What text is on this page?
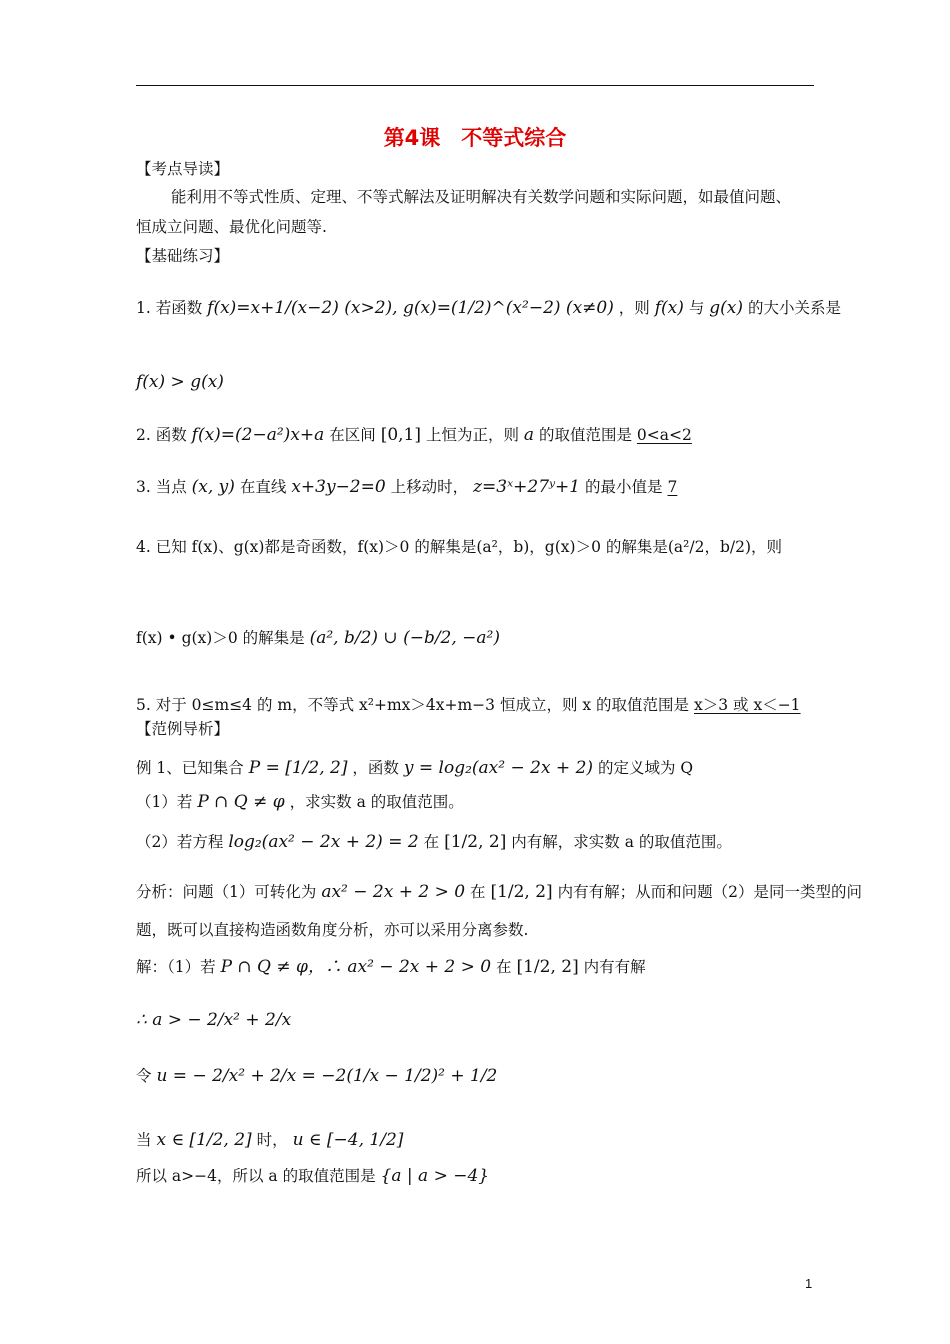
第4课　不等式综合
【考点导读】
能利用不等式性质、定理、不等式解法及证明解决有关数学问题和实际问题，如最值问题、
恒成立问题、最优化问题等.
【基础练习】
1. 若函数 f(x)=x+1/(x−2) (x>2), g(x)=(1/2)^(x²−2) (x≠0) ，则 f(x) 与 g(x) 的大小关系是
f(x) > g(x)
2. 函数 f(x)=(2−a²)x+a 在区间 [0,1] 上恒为正，则 a 的取值范围是 0<a<2
3. 当点 (x, y) 在直线 x+3y−2=0 上移动时， z=3ˣ+27ʸ+1 的最小值是 7
4. 已知 f(x)、g(x)都是奇函数，f(x)＞0 的解集是(a²，b)，g(x)＞0 的解集是(a²/2，b/2)，则
f(x) • g(x)＞0 的解集是 (a², b/2) ∪ (−b/2, −a²)
5. 对于 0≤m≤4 的 m，不等式 x²+mx＞4x+m−3 恒成立，则 x 的取值范围是 x＞3 或 x＜−1
【范例导析】
例 1、已知集合 P = [1/2, 2] ，函数 y = log₂(ax² − 2x + 2) 的定义域为 Q
（1）若 P ∩ Q ≠ φ ，求实数 a 的取值范围。
（2）若方程 log₂(ax² − 2x + 2) = 2 在 [1/2, 2] 内有解，求实数 a 的取值范围。
分析：问题（1）可转化为 ax² − 2x + 2 > 0 在 [1/2, 2] 内有有解；从而和问题（2）是同一类型的问
题，既可以直接构造函数角度分析，亦可以采用分离参数.
解：（1）若 P ∩ Q ≠ φ，∴ ax² − 2x + 2 > 0 在 [1/2, 2] 内有有解
∴ a > − 2/x² + 2/x
令 u = − 2/x² + 2/x = −2(1/x − 1/2)² + 1/2
当 x ∈ [1/2, 2] 时， u ∈ [−4, 1/2]
所以 a>−4，所以 a 的取值范围是 {a | a > −4}
1
